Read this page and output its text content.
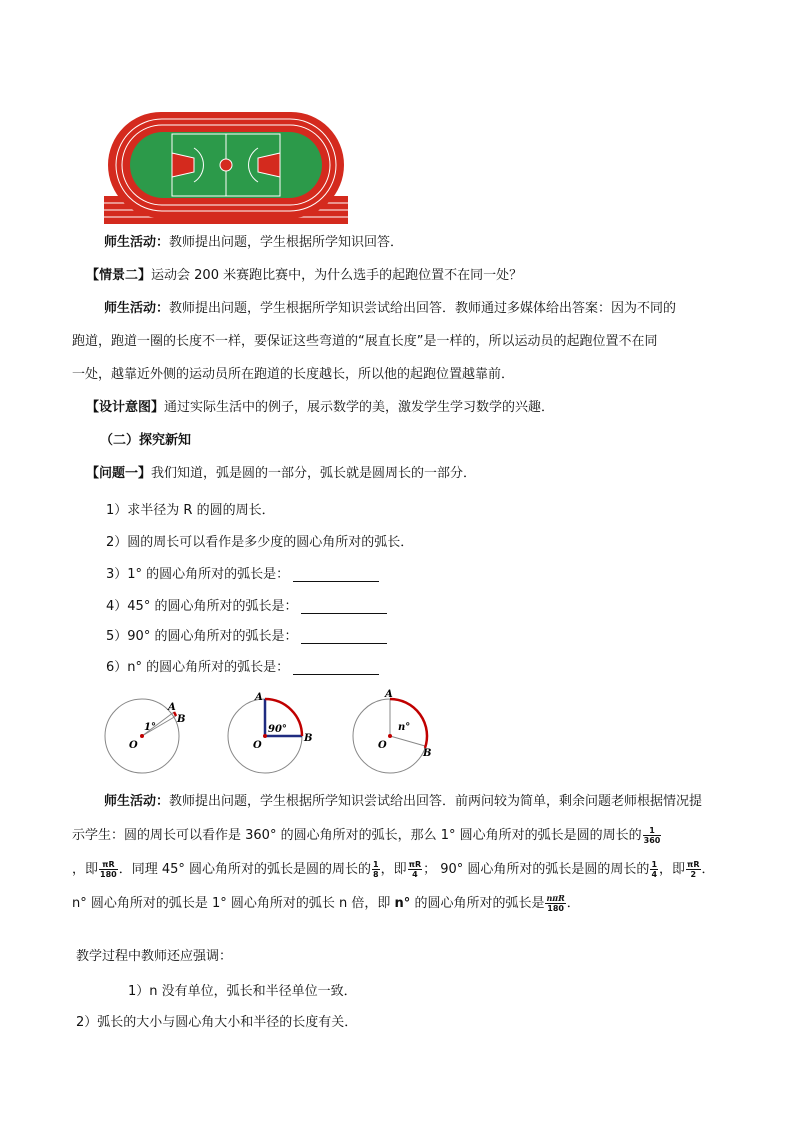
师生活动：教师提出问题，学生根据所学知识回答．
【情景二】运动会 200 米赛跑比赛中，为什么选手的起跑位置不在同一处？
师生活动：教师提出问题，学生根据所学知识尝试给出回答．教师通过多媒体给出答案：因为不同的
跑道，跑道一圈的长度不一样，要保证这些弯道的“展直长度”是一样的，所以运动员的起跑位置不在同
一处，越靠近外侧的运动员所在跑道的长度越长，所以他的起跑位置越靠前．
【设计意图】通过实际生活中的例子，展示数学的美，激发学生学习数学的兴趣．
（二）探究新知
【问题一】我们知道，弧是圆的一部分，弧长就是圆周长的一部分．
1）求半径为 R 的圆的周长．
2）圆的周长可以看作是多少度的圆心角所对的弧长．
3）1° 的圆心角所对的弧长是：
4）45° 的圆心角所对的弧长是：
5）90° 的圆心角所对的弧长是：
6）n° 的圆心角所对的弧长是：
A
B
O
1°
A
B
O
90°
A
B
O
n°
师生活动：教师提出问题，学生根据所学知识尝试给出回答．前两问较为简单，剩余问题老师根据情况提
示学生：圆的周长可以看作是 360° 的圆心角所对的弧长，那么 1° 圆心角所对的弧长是圆的周长的 $\frac{1}{360}$
，即 $\frac{\pi R}{180}$ ．同理 45° 圆心角所对的弧长是圆的周长的 $\frac{1}{8}$ ，即 $\frac{\pi R}{4}$ ； 90° 圆心角所对的弧长是圆的周长的 $\frac{1}{4}$ ，即 $\frac{\pi R}{2}$ ．
n° 圆心角所对的弧长是 1° 圆心角所对的弧长 n 倍，即 n° 的圆心角所对的弧长是 $\frac{\text{nπR}}{180}$ ．
教学过程中教师还应强调：
1）n 没有单位，弧长和半径单位一致．
2）弧长的大小与圆心角大小和半径的长度有关．
